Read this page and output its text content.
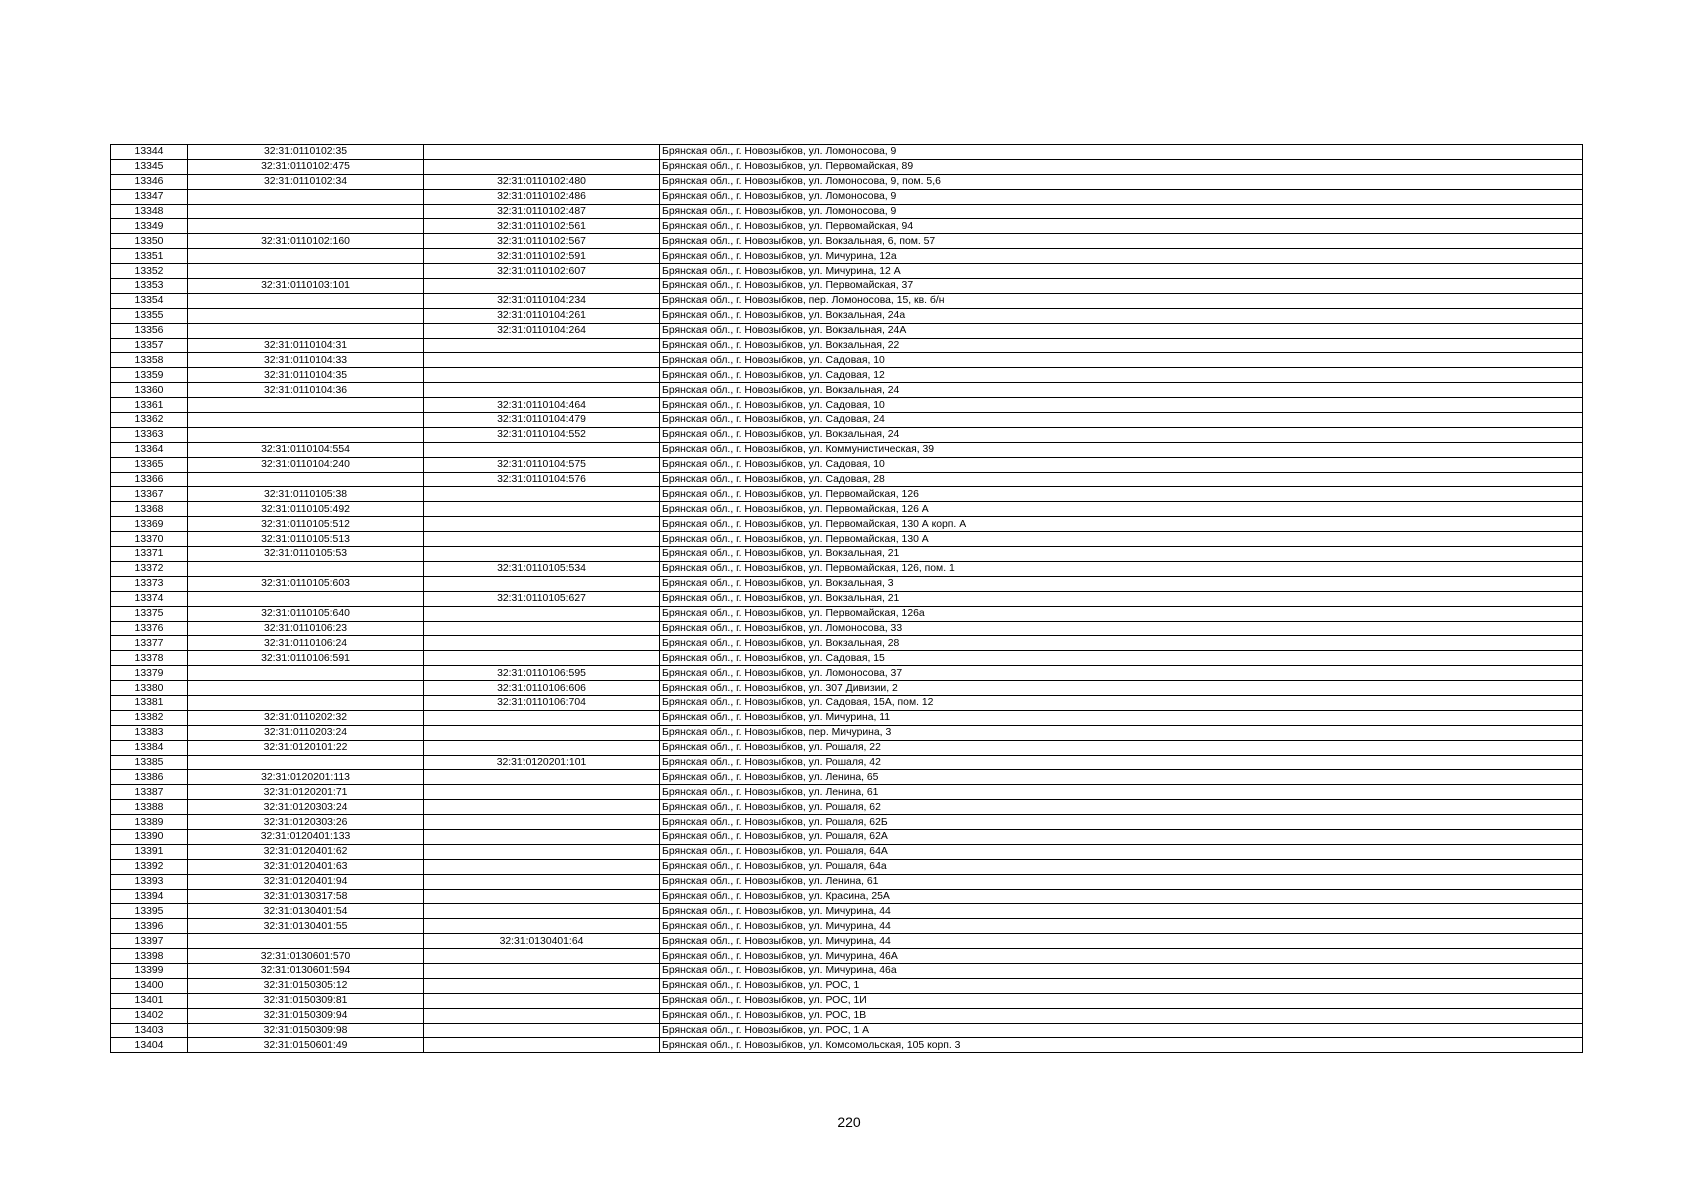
13344	32:31:0110102:35		Брянская обл., г. Новозыбков, ул. Ломоносова, 9
13345	32:31:0110102:475		Брянская обл., г. Новозыбков, ул. Первомайская, 89
13346	32:31:0110102:34	32:31:0110102:480	Брянская обл., г. Новозыбков, ул. Ломоносова, 9, пом. 5,6
13347		32:31:0110102:486	Брянская обл., г. Новозыбков, ул. Ломоносова, 9
13348		32:31:0110102:487	Брянская обл., г. Новозыбков, ул. Ломоносова, 9
13349		32:31:0110102:561	Брянская обл., г. Новозыбков, ул. Первомайская, 94
13350	32:31:0110102:160	32:31:0110102:567	Брянская обл., г. Новозыбков, ул. Вокзальная, 6, пом. 57
13351		32:31:0110102:591	Брянская обл., г. Новозыбков, ул. Мичурина, 12а
13352		32:31:0110102:607	Брянская обл., г. Новозыбков, ул. Мичурина, 12 А
13353	32:31:0110103:101		Брянская обл., г. Новозыбков, ул. Первомайская, 37
13354		32:31:0110104:234	Брянская обл., г. Новозыбков, пер. Ломоносова, 15, кв. б/н
13355		32:31:0110104:261	Брянская обл., г. Новозыбков, ул. Вокзальная, 24а
13356		32:31:0110104:264	Брянская обл., г. Новозыбков, ул. Вокзальная, 24А
13357	32:31:0110104:31		Брянская обл., г. Новозыбков, ул. Вокзальная, 22
13358	32:31:0110104:33		Брянская обл., г. Новозыбков, ул. Садовая, 10
13359	32:31:0110104:35		Брянская обл., г. Новозыбков, ул. Садовая, 12
13360	32:31:0110104:36		Брянская обл., г. Новозыбков, ул. Вокзальная, 24
13361		32:31:0110104:464	Брянская обл., г. Новозыбков, ул. Садовая, 10
13362		32:31:0110104:479	Брянская обл., г. Новозыбков, ул. Садовая, 24
13363		32:31:0110104:552	Брянская обл., г. Новозыбков, ул. Вокзальная, 24
13364	32:31:0110104:554		Брянская обл., г. Новозыбков, ул. Коммунистическая, 39
13365	32:31:0110104:240	32:31:0110104:575	Брянская обл., г. Новозыбков, ул. Садовая, 10
13366		32:31:0110104:576	Брянская обл., г. Новозыбков, ул. Садовая, 28
13367	32:31:0110105:38		Брянская обл., г. Новозыбков, ул. Первомайская, 126
13368	32:31:0110105:492		Брянская обл., г. Новозыбков, ул. Первомайская, 126 А
13369	32:31:0110105:512		Брянская обл., г. Новозыбков, ул. Первомайская, 130 А корп. А
13370	32:31:0110105:513		Брянская обл., г. Новозыбков, ул. Первомайская, 130 А
13371	32:31:0110105:53		Брянская обл., г. Новозыбков, ул. Вокзальная, 21
13372		32:31:0110105:534	Брянская обл., г. Новозыбков, ул. Первомайская, 126, пом. 1
13373	32:31:0110105:603		Брянская обл., г. Новозыбков, ул. Вокзальная, 3
13374		32:31:0110105:627	Брянская обл., г. Новозыбков, ул. Вокзальная, 21
13375	32:31:0110105:640		Брянская обл., г. Новозыбков, ул. Первомайская, 126а
13376	32:31:0110106:23		Брянская обл., г. Новозыбков, ул. Ломоносова, 33
13377	32:31:0110106:24		Брянская обл., г. Новозыбков, ул. Вокзальная, 28
13378	32:31:0110106:591		Брянская обл., г. Новозыбков, ул. Садовая, 15
13379		32:31:0110106:595	Брянская обл., г. Новозыбков, ул. Ломоносова, 37
13380		32:31:0110106:606	Брянская обл., г. Новозыбков, ул. 307 Дивизии, 2
13381		32:31:0110106:704	Брянская обл., г. Новозыбков, ул. Садовая, 15А, пом. 12
13382	32:31:0110202:32		Брянская обл., г. Новозыбков, ул. Мичурина, 11
13383	32:31:0110203:24		Брянская обл., г. Новозыбков, пер. Мичурина, 3
13384	32:31:0120101:22		Брянская обл., г. Новозыбков, ул. Рошаля, 22
13385		32:31:0120201:101	Брянская обл., г. Новозыбков, ул. Рошаля, 42
13386	32:31:0120201:113		Брянская обл., г. Новозыбков, ул. Ленина, 65
13387	32:31:0120201:71		Брянская обл., г. Новозыбков, ул. Ленина, 61
13388	32:31:0120303:24		Брянская обл., г. Новозыбков, ул. Рошаля, 62
13389	32:31:0120303:26		Брянская обл., г. Новозыбков, ул. Рошаля, 62Б
13390	32:31:0120401:133		Брянская обл., г. Новозыбков, ул. Рошаля, 62А
13391	32:31:0120401:62		Брянская обл., г. Новозыбков, ул. Рошаля, 64А
13392	32:31:0120401:63		Брянская обл., г. Новозыбков, ул. Рошаля, 64а
13393	32:31:0120401:94		Брянская обл., г. Новозыбков, ул. Ленина, 61
13394	32:31:0130317:58		Брянская обл., г. Новозыбков, ул. Красина, 25А
13395	32:31:0130401:54		Брянская обл., г. Новозыбков, ул. Мичурина, 44
13396	32:31:0130401:55		Брянская обл., г. Новозыбков, ул. Мичурина, 44
13397		32:31:0130401:64	Брянская обл., г. Новозыбков, ул. Мичурина, 44
13398	32:31:0130601:570		Брянская обл., г. Новозыбков, ул. Мичурина, 46А
13399	32:31:0130601:594		Брянская обл., г. Новозыбков, ул. Мичурина, 46а
13400	32:31:0150305:12		Брянская обл., г. Новозыбков, ул. РОС, 1
13401	32:31:0150309:81		Брянская обл., г. Новозыбков, ул. РОС, 1И
13402	32:31:0150309:94		Брянская обл., г. Новозыбков, ул. РОС, 1В
13403	32:31:0150309:98		Брянская обл., г. Новозыбков, ул. РОС, 1 А
13404	32:31:0150601:49		Брянская обл., г. Новозыбков, ул. Комсомольская, 105 корп. 3
220
